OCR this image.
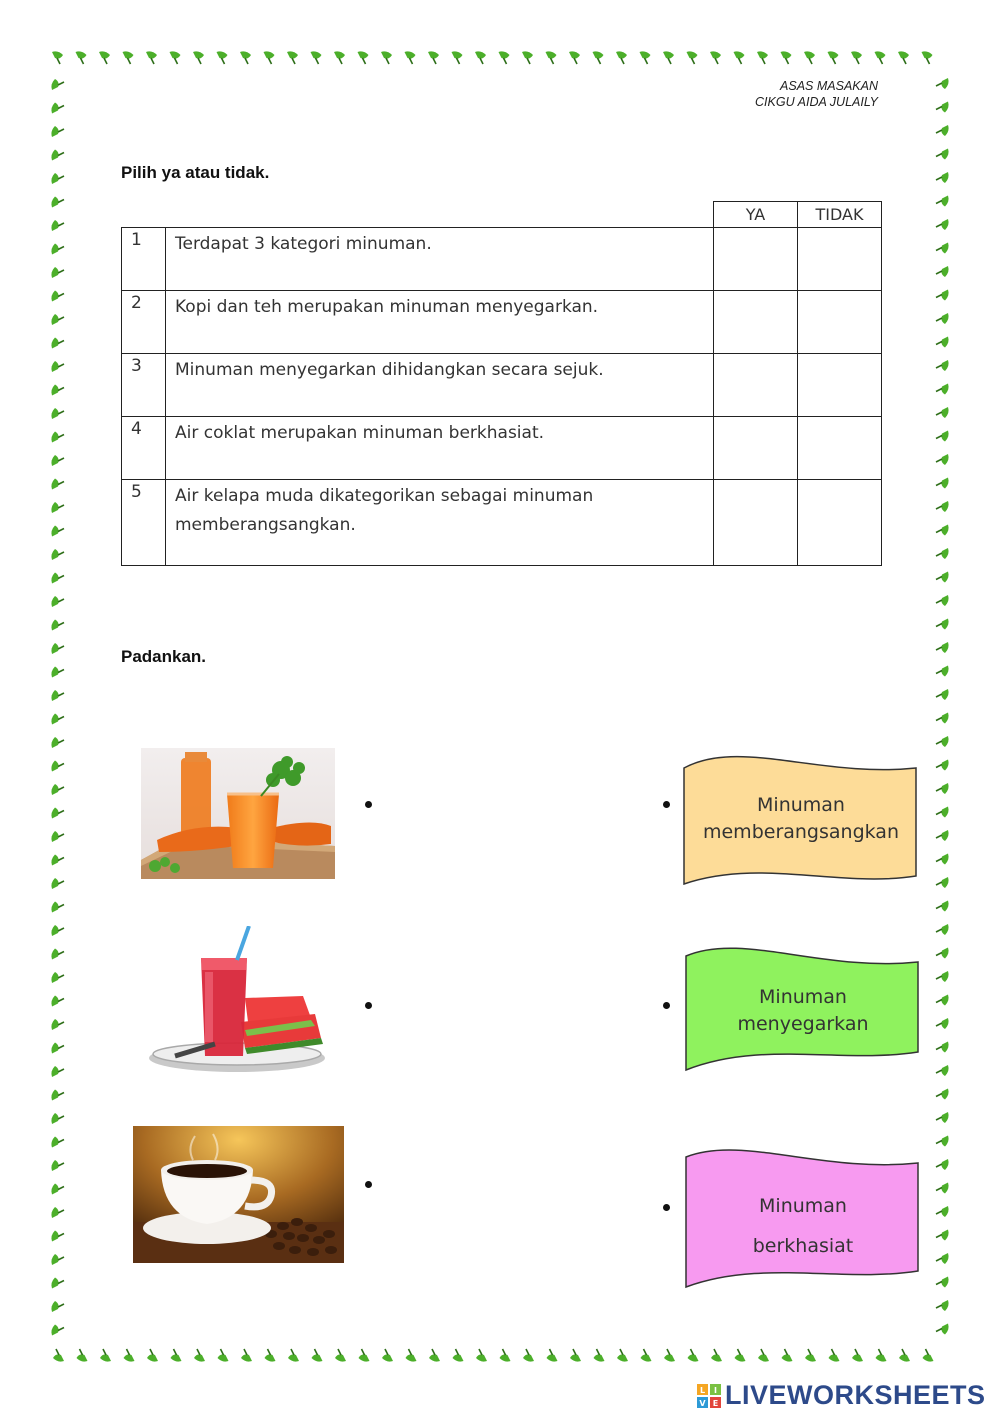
ASAS MASAKAN
CIKGU AIDA JULAILY
Pilih ya atau tidak.
		YA	TIDAK
1	Terdapat 3 kategori minuman.		
2	Kopi dan teh merupakan minuman menyegarkan.		
3	Minuman menyegarkan dihidangkan secara sejuk.		
4	Air coklat merupakan minuman berkhasiat.		
5	Air kelapa muda dikategorikan sebagai minuman memberangsangkan.		
Padankan.
Minuman
memberangsangkan
Minuman
menyegarkan
Minuman
berkhasiat
L I
V E LIVEWORKSHEETS
